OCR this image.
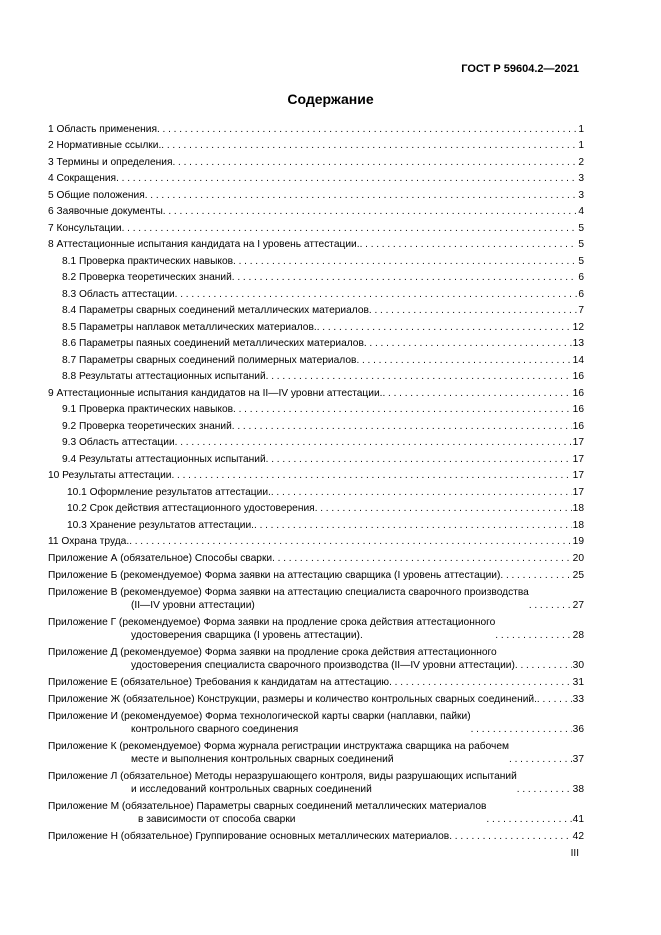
ГОСТ Р 59604.2—2021
Содержание
1 Область применения . . .	1
2 Нормативные ссылки. . . .	1
3 Термины и определения . . .	2
4 Сокращения . . .	3
5 Общие положения . . .	3
6 Заявочные документы . . .	4
7 Консультации . . .	5
8 Аттестационные испытания кандидата на I уровень аттестации. . . .	5
8.1 Проверка практических навыков . . .	5
8.2 Проверка теоретических знаний . . .	6
8.3 Область аттестации . . .	6
8.4 Параметры сварных соединений металлических материалов . . .	7
8.5 Параметры наплавок металлических материалов. . . .	12
8.6 Параметры паяных соединений металлических материалов . . .	13
8.7 Параметры сварных соединений полимерных материалов . . .	14
8.8 Результаты аттестационных испытаний . . .	16
9 Аттестационные испытания кандидатов на II—IV уровни аттестации. . . .	16
9.1 Проверка практических навыков . . .	16
9.2 Проверка теоретических знаний . . .	16
9.3 Область аттестации . . .	17
9.4 Результаты аттестационных испытаний . . .	17
10 Результаты аттестации . . .	17
10.1 Оформление результатов аттестации. . . .	17
10.2 Срок действия аттестационного удостоверения . . .	18
10.3 Хранение результатов аттестации. . . .	18
11 Охрана труда. . . .	19
Приложение А (обязательное) Способы сварки . . .	20
Приложение Б (рекомендуемое) Форма заявки на аттестацию сварщика (I уровень аттестации) . . .	25
Приложение В (рекомендуемое) Форма заявки на аттестацию специалиста сварочного производства
(II—IV уровни аттестации) . . .	27
Приложение Г (рекомендуемое) Форма заявки на продление срока действия аттестационного
удостоверения сварщика (I уровень аттестации). . . .	28
Приложение Д (рекомендуемое) Форма заявки на продление срока действия аттестационного
удостоверения специалиста сварочного производства (II—IV уровни аттестации) . . .	30
Приложение Е (обязательное) Требования к кандидатам на аттестацию . . .	31
Приложение Ж (обязательное) Конструкции, размеры и количество контрольных сварных соединений. . . .	33
Приложение И (рекомендуемое) Форма технологической карты сварки (наплавки, пайки)
контрольного сварного соединения . . .	36
Приложение К (рекомендуемое) Форма журнала регистрации инструктажа сварщика на рабочем
месте и выполнения контрольных сварных соединений . . .	37
Приложение Л (обязательное) Методы неразрушающего контроля, виды разрушающих испытаний
и исследований контрольных сварных соединений . . .	38
Приложение М (обязательное) Параметры сварных соединений металлических материалов
в зависимости от способа сварки . . .	41
Приложение Н (обязательное) Группирование основных металлических материалов . . .	42
III
